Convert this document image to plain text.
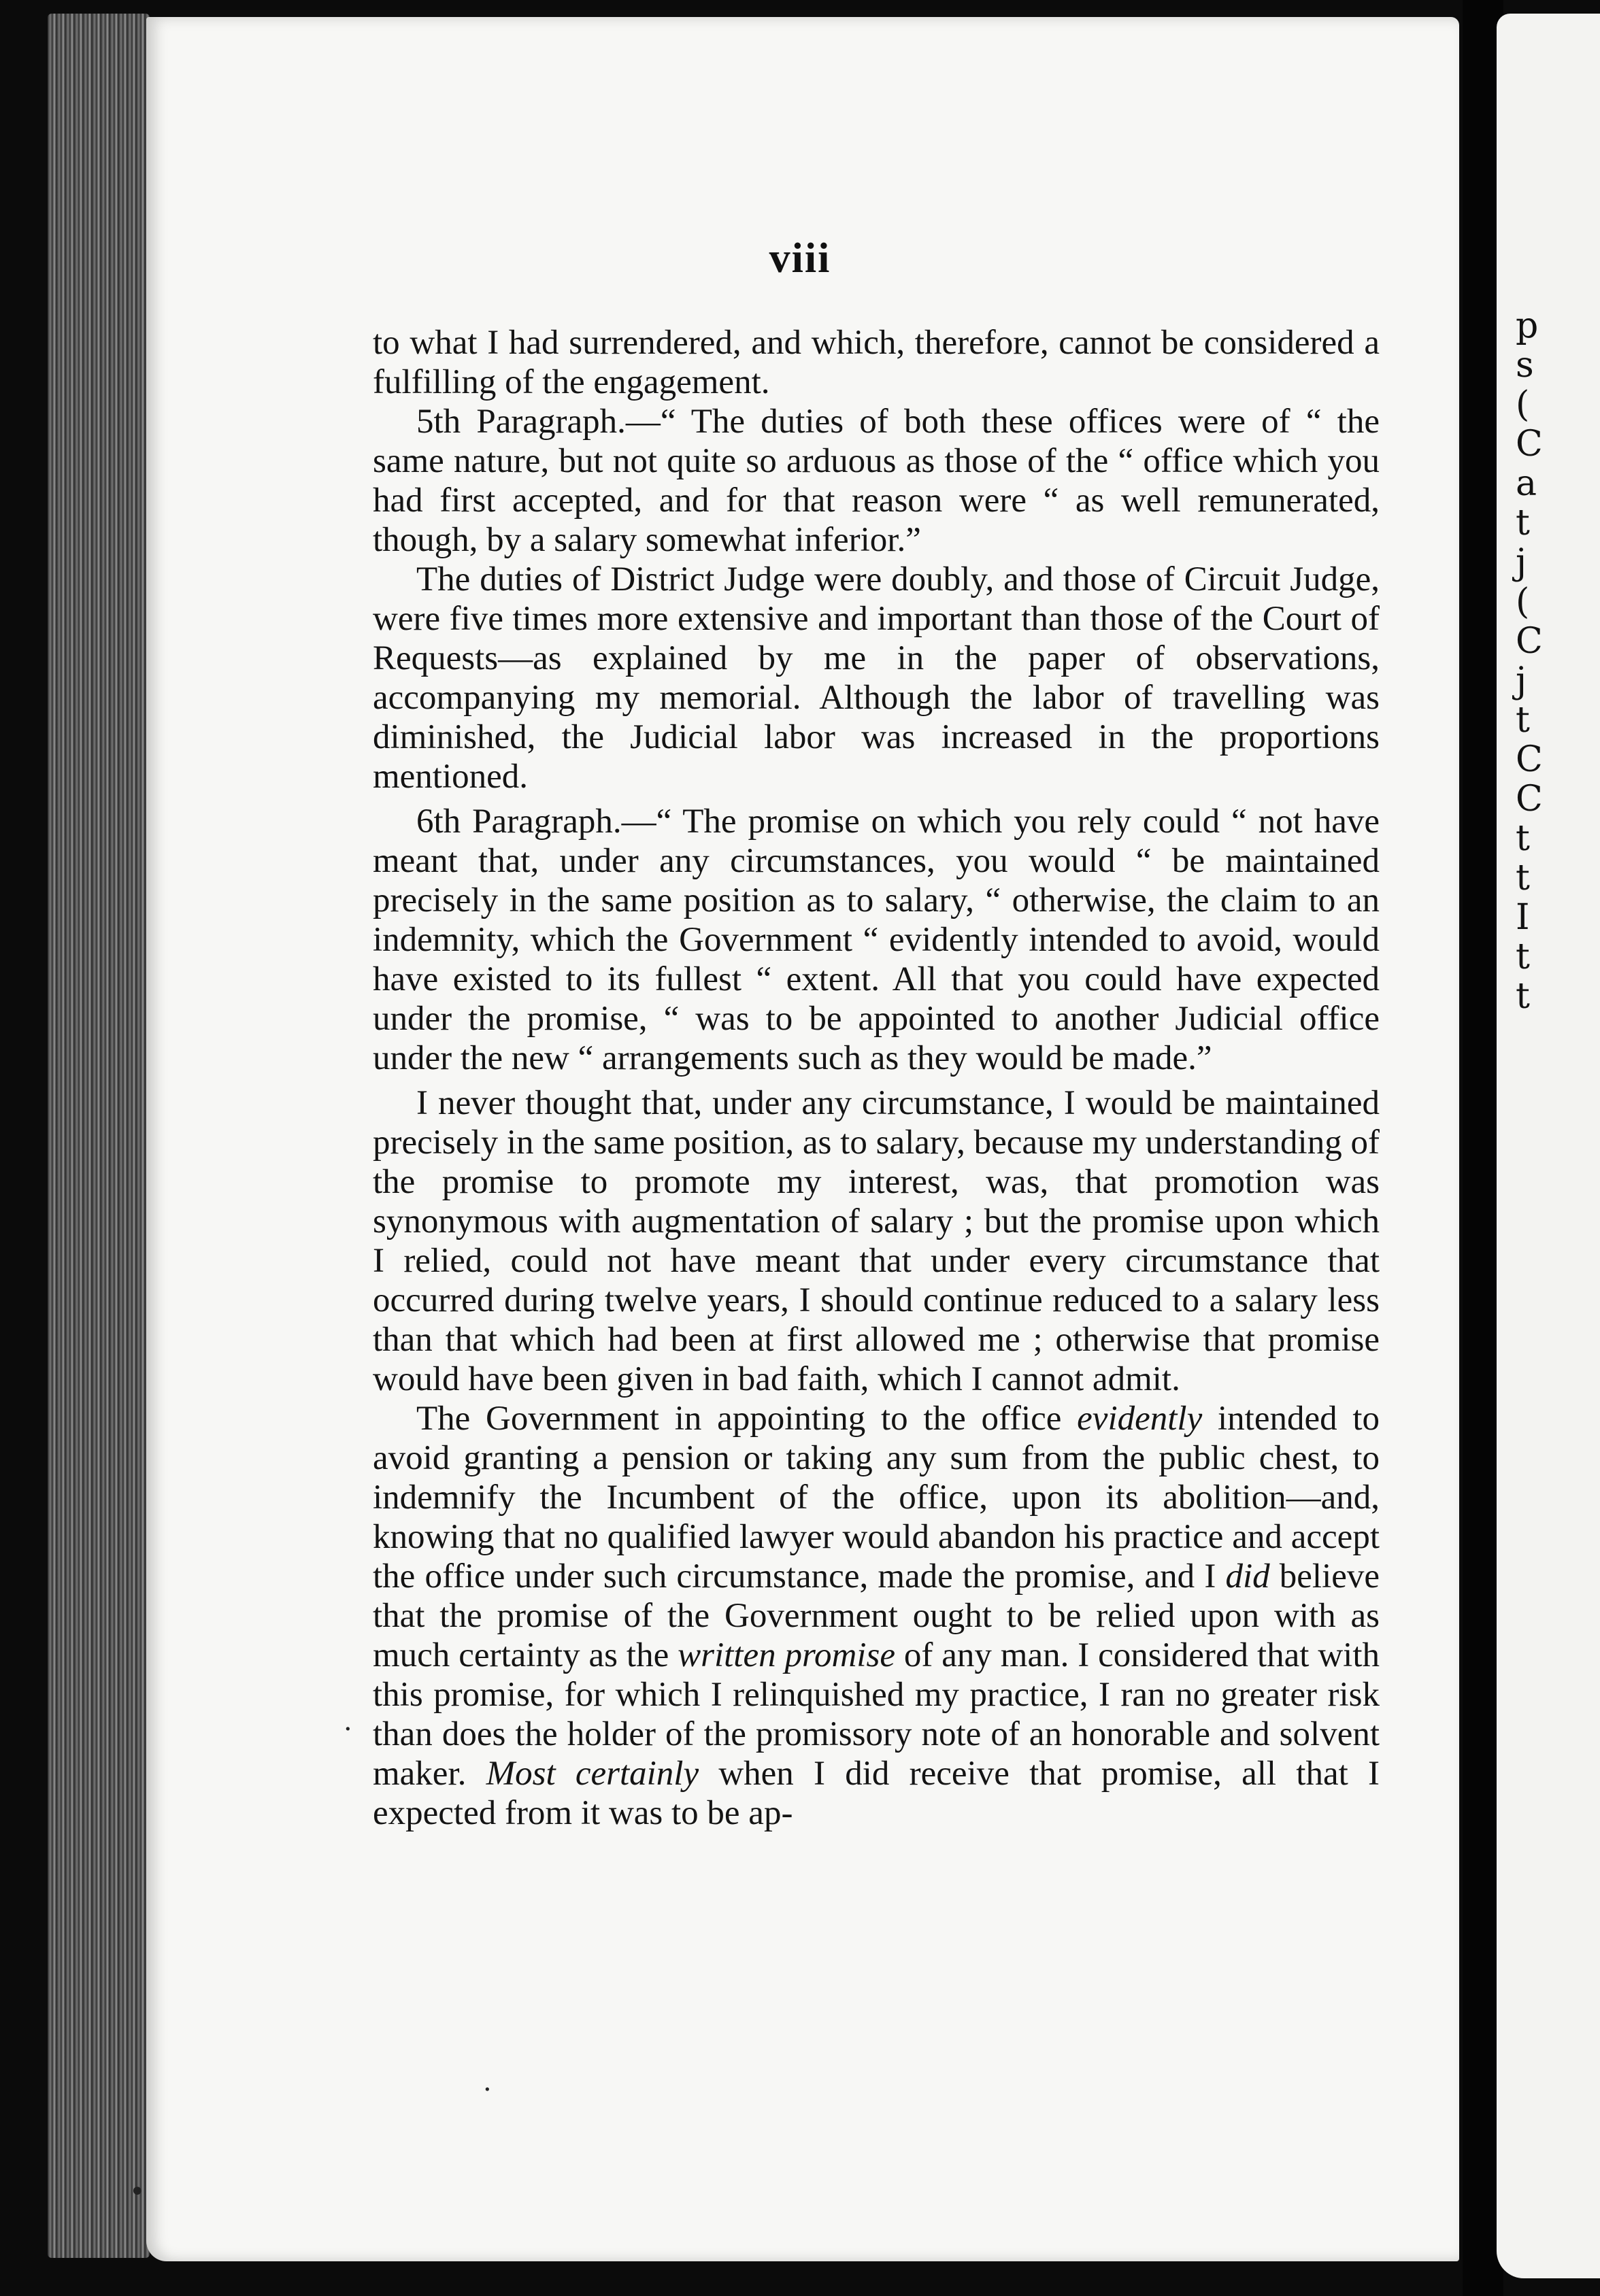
p
s
(
C
a
t
j
(
C
j
t
C
C
t
t
I
t
t
viii

to what I had surrendered, and which, therefore, cannot be considered a fulfilling of the engagement.

5th Paragraph.—“ The duties of both these offices were of “ the same nature, but not quite so arduous as those of the “ office which you had first accepted, and for that reason were “ as well remunerated, though, by a salary somewhat inferior.”

The duties of District Judge were doubly, and those of Circuit Judge, were five times more extensive and important than those of the Court of Requests—as explained by me in the paper of observations, accompanying my memorial. Although the labor of travelling was diminished, the Judicial labor was increased in the proportions mentioned.

6th Paragraph.—“ The promise on which you rely could “ not have meant that, under any circumstances, you would “ be maintained precisely in the same position as to salary, “ otherwise, the claim to an indemnity, which the Government “ evidently intended to avoid, would have existed to its fullest “ extent. All that you could have expected under the promise, “ was to be appointed to another Judicial office under the new “ arrangements such as they would be made.”

I never thought that, under any circumstance, I would be maintained precisely in the same position, as to salary, because my understanding of the promise to promote my interest, was, that promotion was synonymous with augmentation of salary ; but the promise upon which I relied, could not have meant that under every circumstance that occurred during twelve years, I should continue reduced to a salary less than that which had been at first allowed me ; otherwise that promise would have been given in bad faith, which I cannot admit.

The Government in appointing to the office evidently intended to avoid granting a pension or taking any sum from the public chest, to indemnify the Incumbent of the office, upon its abolition—and, knowing that no qualified lawyer would abandon his practice and accept the office under such circumstance, made the promise, and I did believe that the promise of the Government ought to be relied upon with as much certainty as the written promise of any man. I considered that with this promise, for which I relinquished my practice, I ran no greater risk than does the holder of the promissory note of an honorable and solvent maker. Most certainly when I did receive that promise, all that I expected from it was to be ap-

·
·
•
